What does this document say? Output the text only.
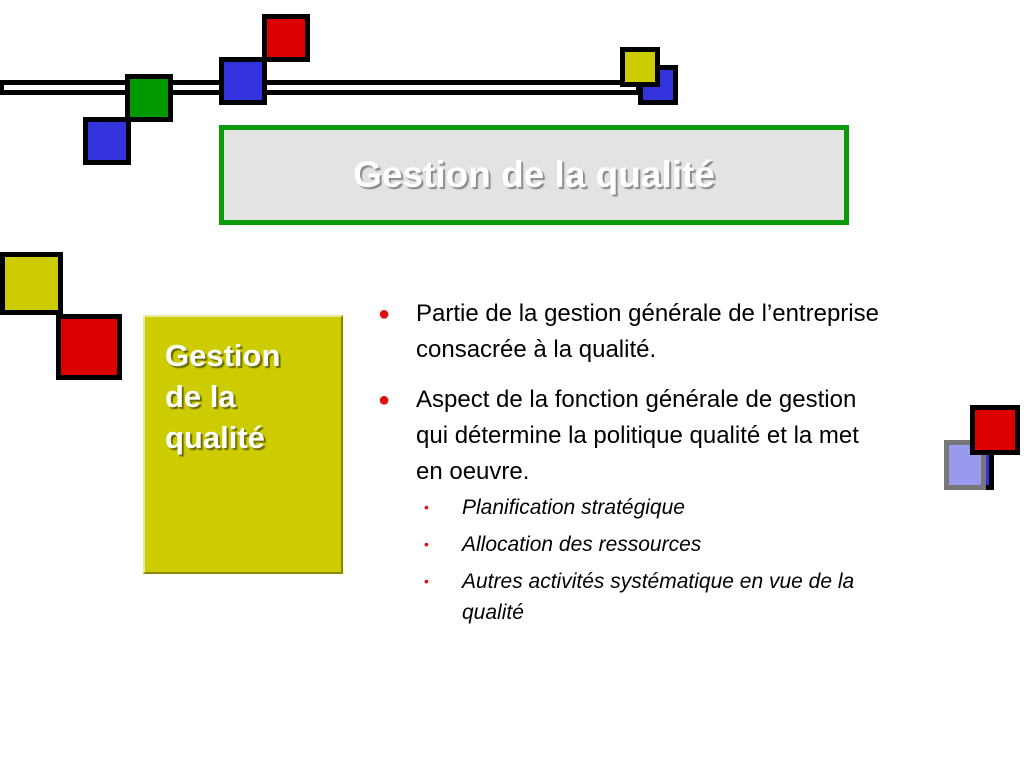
Gestion de la qualité
Gestion
de la
qualité
●	Partie de la gestion générale de l’entreprise
consacrée à la qualité.
●	Aspect de la fonction générale de gestion
qui détermine la politique qualité et la met
en oeuvre.
•	Planification stratégique
•	Allocation des ressources
•	Autres activités systématique en vue de la
qualité
